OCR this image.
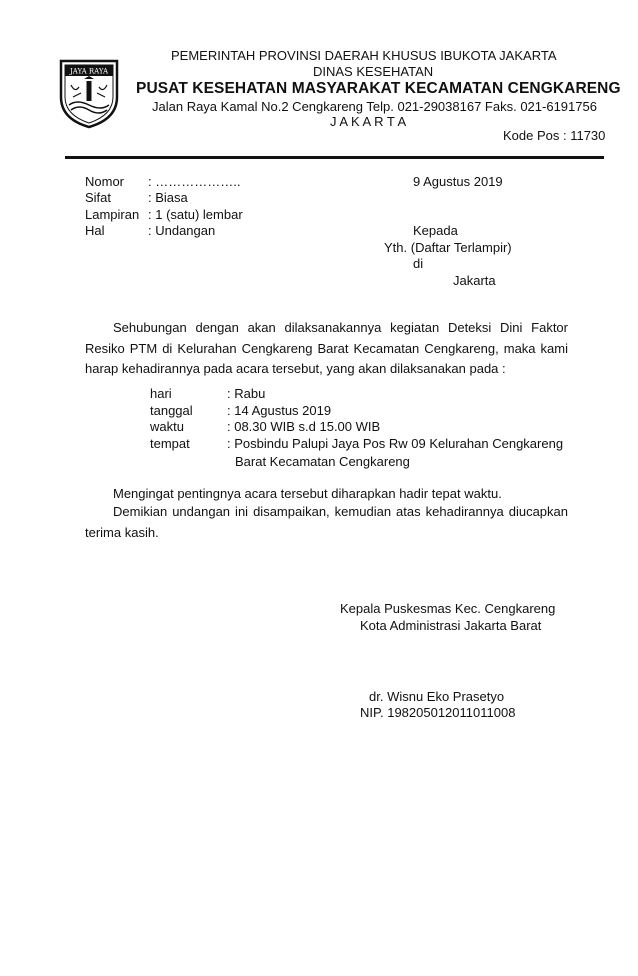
JAYA RAYA
PEMERINTAH PROVINSI DAERAH KHUSUS IBUKOTA JAKARTA
DINAS KESEHATAN
PUSAT KESEHATAN MASYARAKAT KECAMATAN CENGKARENG
Jalan Raya Kamal No.2 Cengkareng Telp. 021-29038167 Faks. 021-6191756
J A K A R T A
Kode Pos : 11730
Nomor : ………………..
Sifat	: Biasa
Lampiran : 1 (satu) lembar
Hal	: Undangan
9 Agustus 2019
Kepada
Yth. (Daftar Terlampir)
di
Jakarta
Sehubungan dengan akan dilaksanakannya kegiatan Deteksi Dini Faktor Resiko PTM di Kelurahan Cengkareng Barat Kecamatan Cengkareng, maka kami harap kehadirannya pada acara tersebut, yang akan dilaksanakan pada :
hari	: Rabu
tanggal	: 14 Agustus 2019
waktu	: 08.30 WIB s.d 15.00 WIB
tempat	: Posbindu Palupi Jaya Pos Rw 09 Kelurahan Cengkareng
Barat Kecamatan Cengkareng
Mengingat pentingnya acara tersebut diharapkan hadir tepat waktu.
Demikian undangan ini disampaikan, kemudian atas kehadirannya diucapkan terima kasih.
Kepala Puskesmas Kec. Cengkareng
Kota Administrasi Jakarta Barat
dr. Wisnu Eko Prasetyo
NIP. 198205012011011008
